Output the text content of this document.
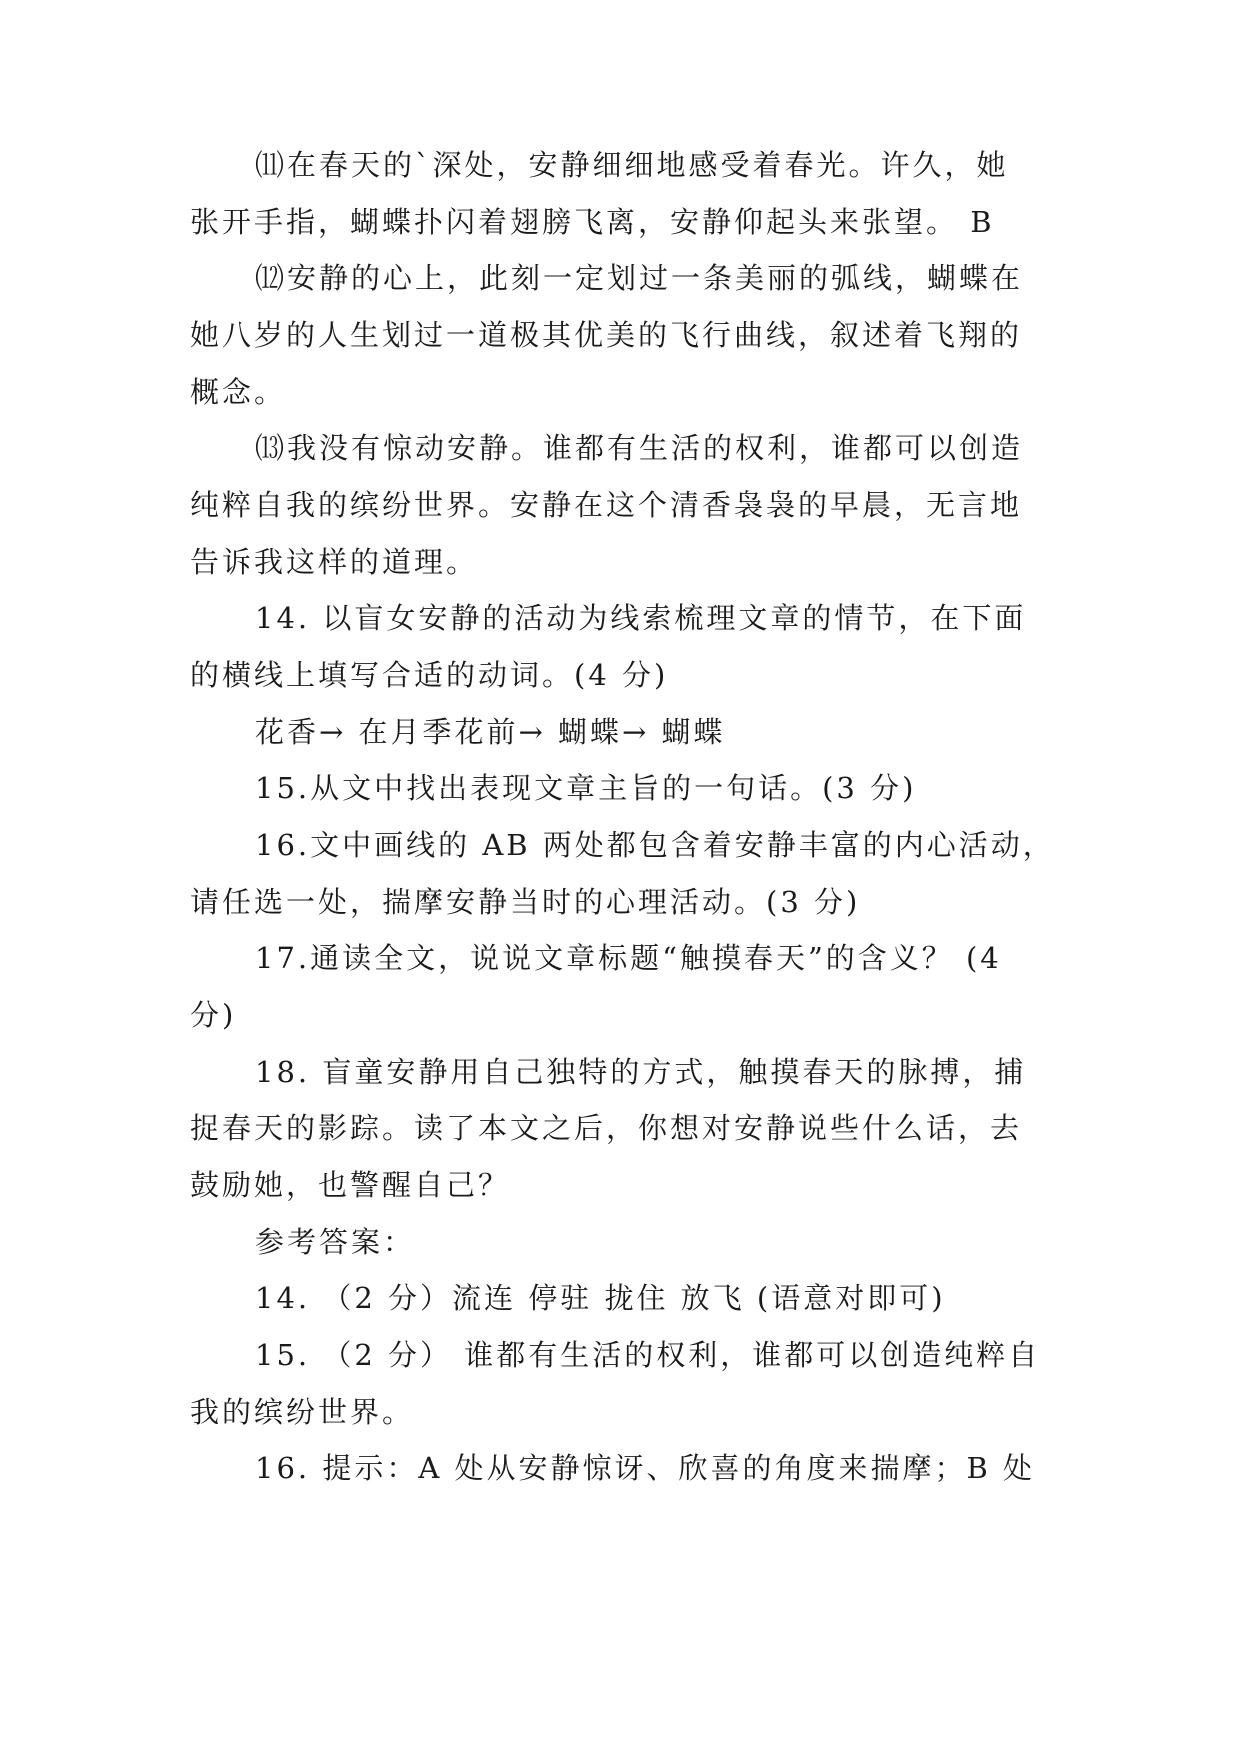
⑾在春天的`深处，安静细细地感受着春光。许久，她
张开手指，蝴蝶扑闪着翅膀飞离，安静仰起头来张望。 B
⑿安静的心上，此刻一定划过一条美丽的弧线，蝴蝶在
她八岁的人生划过一道极其优美的飞行曲线，叙述着飞翔的
概念。
⒀我没有惊动安静。谁都有生活的权利，谁都可以创造
纯粹自我的缤纷世界。安静在这个清香袅袅的早晨，无言地
告诉我这样的道理。
14. 以盲女安静的活动为线索梳理文章的情节，在下面
的横线上填写合适的动词。(4 分)
花香→ 在月季花前→ 蝴蝶→ 蝴蝶
15.从文中找出表现文章主旨的一句话。(3 分)
16.文中画线的 AB 两处都包含着安静丰富的内心活动，
请任选一处，揣摩安静当时的心理活动。(3 分)
17.通读全文，说说文章标题“触摸春天”的含义？ (4
分)
18. 盲童安静用自己独特的方式，触摸春天的脉搏，捕
捉春天的影踪。读了本文之后，你想对安静说些什么话，去
鼓励她，也警醒自己？
参考答案：
14. （2 分）流连 停驻 拢住 放飞 (语意对即可)
15. （2 分） 谁都有生活的权利，谁都可以创造纯粹自
我的缤纷世界。
16. 提示：A 处从安静惊讶、欣喜的角度来揣摩；B 处
